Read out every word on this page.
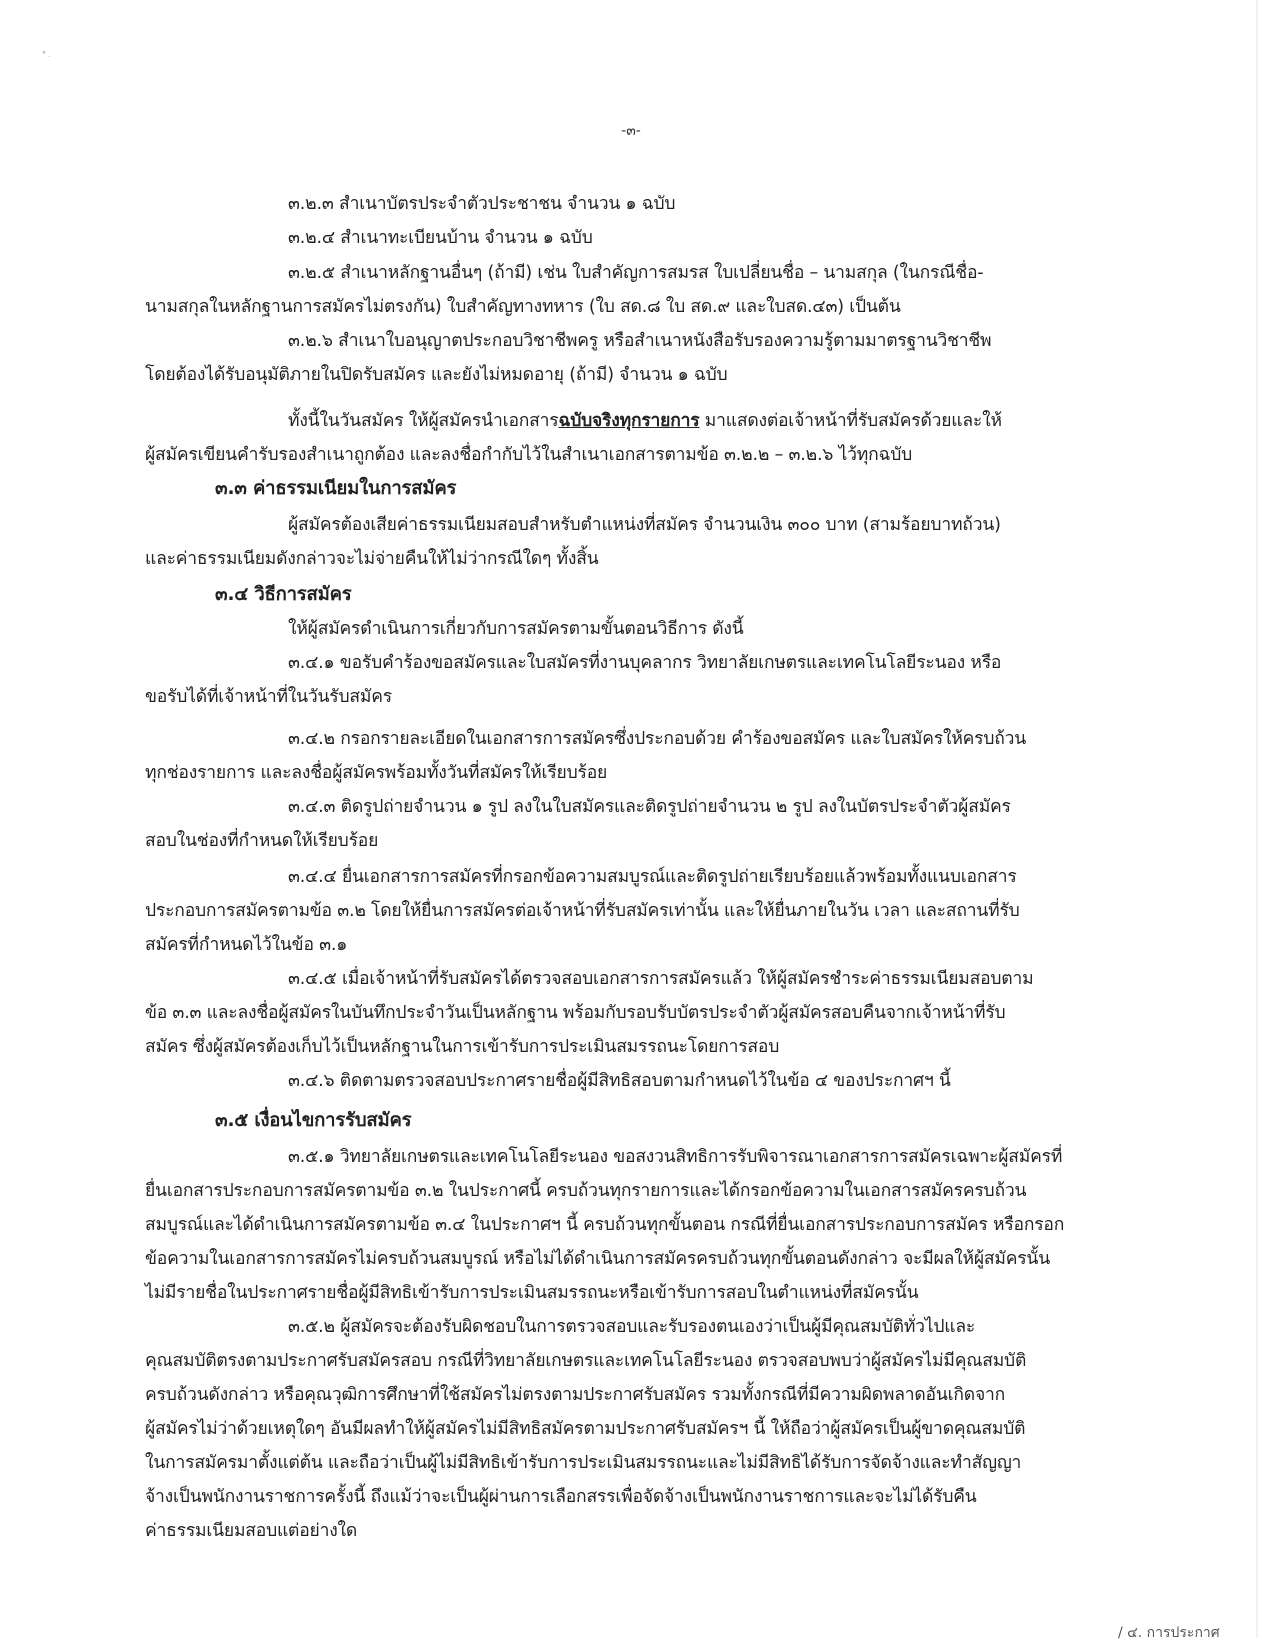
• ·
-๓-
๓.๒.๓ สำเนาบัตรประจำตัวประชาชน จำนวน ๑ ฉบับ
๓.๒.๔ สำเนาทะเบียนบ้าน จำนวน ๑ ฉบับ
๓.๒.๕ สำเนาหลักฐานอื่นๆ (ถ้ามี) เช่น ใบสำคัญการสมรส ใบเปลี่ยนชื่อ – นามสกุล (ในกรณีชื่อ-
นามสกุลในหลักฐานการสมัครไม่ตรงกัน) ใบสำคัญทางทหาร (ใบ สด.๘ ใบ สด.๙ และใบสด.๔๓) เป็นต้น
๓.๒.๖ สำเนาใบอนุญาตประกอบวิชาชีพครู หรือสำเนาหนังสือรับรองความรู้ตามมาตรฐานวิชาชีพ
โดยต้องได้รับอนุมัติภายในปิดรับสมัคร และยังไม่หมดอายุ (ถ้ามี) จำนวน ๑ ฉบับ
ทั้งนี้ในวันสมัคร ให้ผู้สมัครนำเอกสารฉบับจริงทุกรายการ มาแสดงต่อเจ้าหน้าที่รับสมัครด้วยและให้
ผู้สมัครเขียนคำรับรองสำเนาถูกต้อง และลงชื่อกำกับไว้ในสำเนาเอกสารตามข้อ ๓.๒.๒ – ๓.๒.๖ ไว้ทุกฉบับ
๓.๓ ค่าธรรมเนียมในการสมัคร
ผู้สมัครต้องเสียค่าธรรมเนียมสอบสำหรับตำแหน่งที่สมัคร จำนวนเงิน ๓๐๐ บาท (สามร้อยบาทถ้วน)
และค่าธรรมเนียมดังกล่าวจะไม่จ่ายคืนให้ไม่ว่ากรณีใดๆ ทั้งสิ้น
๓.๔ วิธีการสมัคร
ให้ผู้สมัครดำเนินการเกี่ยวกับการสมัครตามขั้นตอนวิธีการ ดังนี้
๓.๔.๑ ขอรับคำร้องขอสมัครและใบสมัครที่งานบุคลากร วิทยาลัยเกษตรและเทคโนโลยีระนอง หรือ
ขอรับได้ที่เจ้าหน้าที่ในวันรับสมัคร
๓.๔.๒ กรอกรายละเอียดในเอกสารการสมัครซึ่งประกอบด้วย คำร้องขอสมัคร และใบสมัครให้ครบถ้วน
ทุกช่องรายการ และลงชื่อผู้สมัครพร้อมทั้งวันที่สมัครให้เรียบร้อย
๓.๔.๓ ติดรูปถ่ายจำนวน ๑ รูป ลงในใบสมัครและติดรูปถ่ายจำนวน ๒ รูป ลงในบัตรประจำตัวผู้สมัคร
สอบในช่องที่กำหนดให้เรียบร้อย
๓.๔.๔ ยื่นเอกสารการสมัครที่กรอกข้อความสมบูรณ์และติดรูปถ่ายเรียบร้อยแล้วพร้อมทั้งแนบเอกสาร
ประกอบการสมัครตามข้อ ๓.๒ โดยให้ยื่นการสมัครต่อเจ้าหน้าที่รับสมัครเท่านั้น และให้ยื่นภายในวัน เวลา และสถานที่รับ
สมัครที่กำหนดไว้ในข้อ ๓.๑
๓.๔.๕ เมื่อเจ้าหน้าที่รับสมัครได้ตรวจสอบเอกสารการสมัครแล้ว ให้ผู้สมัครชำระค่าธรรมเนียมสอบตาม
ข้อ ๓.๓ และลงชื่อผู้สมัครในบันทึกประจำวันเป็นหลักฐาน พร้อมกับรอบรับบัตรประจำตัวผู้สมัครสอบคืนจากเจ้าหน้าที่รับ
สมัคร ซึ่งผู้สมัครต้องเก็บไว้เป็นหลักฐานในการเข้ารับการประเมินสมรรถนะโดยการสอบ
๓.๔.๖ ติดตามตรวจสอบประกาศรายชื่อผู้มีสิทธิสอบตามกำหนดไว้ในข้อ ๔ ของประกาศฯ นี้
๓.๕ เงื่อนไขการรับสมัคร
๓.๕.๑ วิทยาลัยเกษตรและเทคโนโลยีระนอง ขอสงวนสิทธิการรับพิจารณาเอกสารการสมัครเฉพาะผู้สมัครที่
ยื่นเอกสารประกอบการสมัครตามข้อ ๓.๒ ในประกาศนี้ ครบถ้วนทุกรายการและได้กรอกข้อความในเอกสารสมัครครบถ้วน
สมบูรณ์และได้ดำเนินการสมัครตามข้อ ๓.๔ ในประกาศฯ นี้ ครบถ้วนทุกขั้นตอน กรณีที่ยื่นเอกสารประกอบการสมัคร หรือกรอก
ข้อความในเอกสารการสมัครไม่ครบถ้วนสมบูรณ์ หรือไม่ได้ดำเนินการสมัครครบถ้วนทุกขั้นตอนดังกล่าว จะมีผลให้ผู้สมัครนั้น
ไม่มีรายชื่อในประกาศรายชื่อผู้มีสิทธิเข้ารับการประเมินสมรรถนะหรือเข้ารับการสอบในตำแหน่งที่สมัครนั้น
๓.๕.๒ ผู้สมัครจะต้องรับผิดชอบในการตรวจสอบและรับรองตนเองว่าเป็นผู้มีคุณสมบัติทั่วไปและ
คุณสมบัติตรงตามประกาศรับสมัครสอบ กรณีที่วิทยาลัยเกษตรและเทคโนโลยีระนอง ตรวจสอบพบว่าผู้สมัครไม่มีคุณสมบัติ
ครบถ้วนดังกล่าว หรือคุณวุฒิการศึกษาที่ใช้สมัครไม่ตรงตามประกาศรับสมัคร รวมทั้งกรณีที่มีความผิดพลาดอันเกิดจาก
ผู้สมัครไม่ว่าด้วยเหตุใดๆ อันมีผลทำให้ผู้สมัครไม่มีสิทธิสมัครตามประกาศรับสมัครฯ นี้ ให้ถือว่าผู้สมัครเป็นผู้ขาดคุณสมบัติ
ในการสมัครมาตั้งแต่ต้น และถือว่าเป็นผู้ไม่มีสิทธิเข้ารับการประเมินสมรรถนะและไม่มีสิทธิได้รับการจัดจ้างและทำสัญญา
จ้างเป็นพนักงานราชการครั้งนี้ ถึงแม้ว่าจะเป็นผู้ผ่านการเลือกสรรเพื่อจัดจ้างเป็นพนักงานราชการและจะไม่ได้รับคืน
ค่าธรรมเนียมสอบแต่อย่างใด
/ ๔. การประกาศ
